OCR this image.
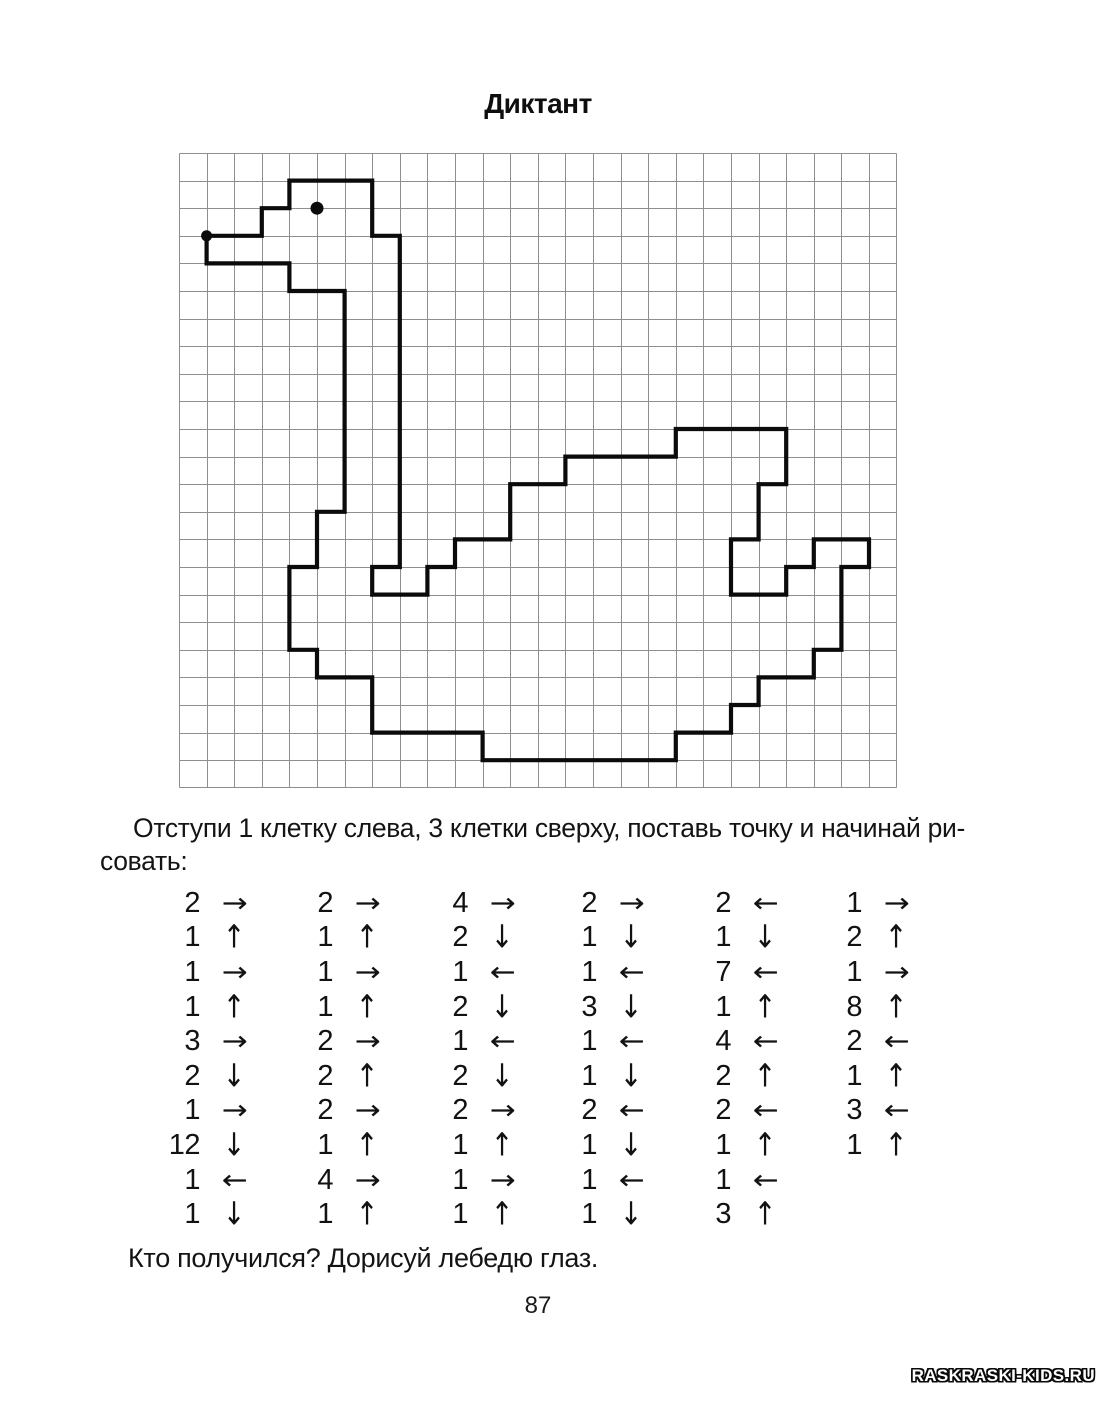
Диктант

Отступи 1 клетку слева, 3 клетки сверху, поставь точку и начинай ри-
совать:

2 →
1 ↑
1 →
1 ↑
3 →
2 ↓
1 →
12 ↓
1 ←
1 ↓
2 →
1 ↑
1 →
1 ↑
2 →
2 ↑
2 →
1 ↑
4 →
1 ↑
4 →
2 ↓
1 ←
2 ↓
1 ←
2 ↓
2 →
1 ↑
1 →
1 ↑
2 →
1 ↓
1 ←
3 ↓
1 ←
1 ↓
2 ←
1 ↓
1 ←
1 ↓
2 ←
1 ↓
7 ←
1 ↑
4 ←
2 ↑
2 ←
1 ↑
1 ←
3 ↑
1 →
2 ↑
1 →
8 ↑
2 ←
1 ↑
3 ←
1 ↑

Кто получился? Дорисуй лебедю глаз.

87
RASKRASKI-KIDS.RU
